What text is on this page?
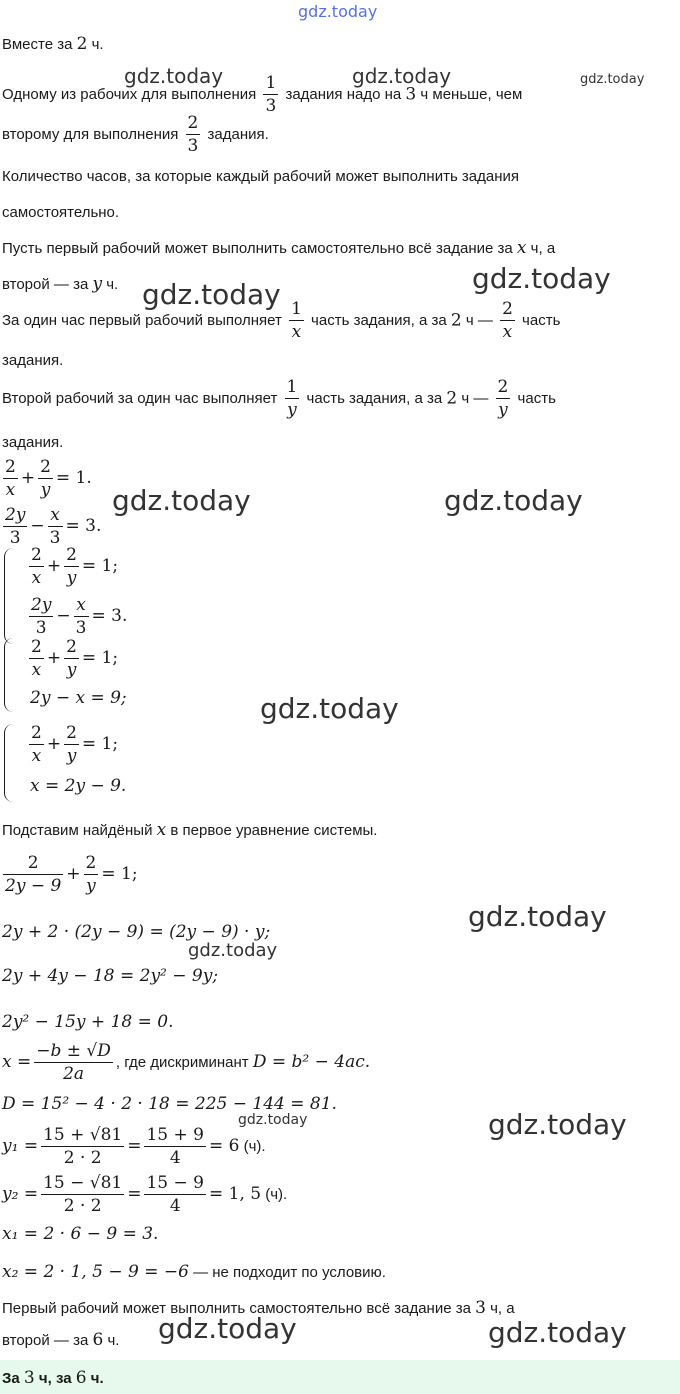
gdz.today
gdz.today	gdz.today	gdz.today
gdz.today
gdz.today
gdz.today	gdz.today
gdz.today
gdz.today
gdz.today
gdz.today
gdz.today
gdz.today	gdz.today
Вместе за 2 ч.
Одному из рабочих для выполнения $\frac{1}{3}$ задания надо на 3 ч меньше, чем
второму для выполнения $\frac{2}{3}$ задания.
Количество часов, за которые каждый рабочий может выполнить задания
самостоятельно.
Пусть первый рабочий может выполнить самостоятельно всё задание за x ч, а
второй — за y ч.
За один час первый рабочий выполняет $\frac{1}{x}$ часть задания, а за 2 ч — $\frac{2}{x}$ часть
задания.
Второй рабочий за один час выполняет $\frac{1}{y}$ часть задания, а за 2 ч — $\frac{2}{y}$ часть
задания.
$\frac{2}{x} + \frac{2}{y} = 1$.
$\frac{2y}{3} - \frac{x}{3} = 3$.
$\frac{2}{x} + \frac{2}{y} = 1$;
$\frac{2y}{3} - \frac{x}{3} = 3$.
$\frac{2}{x} + \frac{2}{y} = 1$;
2y − x = 9;
$\frac{2}{x} + \frac{2}{y} = 1$;
x = 2y − 9.
Подставим найдёный x в первое уравнение системы.
$\frac{2}{2y - 9} + \frac{2}{y} = 1$;
2y + 2 · (2y − 9) = (2y − 9) · y;
2y + 4y − 18 = 2y² − 9y;
2y² − 15y + 18 = 0.
$x = \frac{-b \pm √D}{2a}$ , где дискриминант D = b² − 4ac.
D = 15² − 4 · 2 · 18 = 225 − 144 = 81.
$y_1 = \frac{15 + √81}{2 \cdot 2} = \frac{15 + 9}{4} = 6$ (ч).
$y_2 = \frac{15 - √81}{2 \cdot 2} = \frac{15 - 9}{4} = 1$, 5 (ч).
x₁ = 2 · 6 − 9 = 3.
x₂ = 2 · 1, 5 − 9 = −6 — не подходит по условию.
Первый рабочий может выполнить самостоятельно всё задание за 3 ч, а
второй — за 6 ч.
За 3 ч, за 6 ч.
